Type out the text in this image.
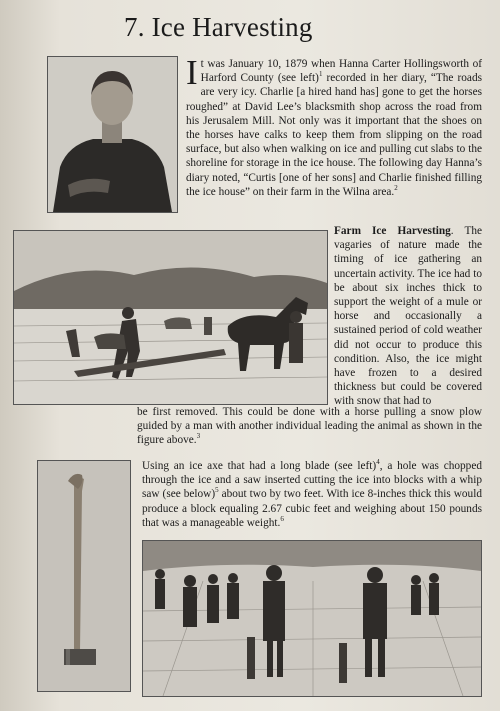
7. Ice Harvesting

It was January 10, 1879 when Hanna Carter Hollingsworth of Harford County (see left)$^1$ recorded in her diary, “The roads are very icy. Charlie [a hired hand has] gone to get the horses roughed” at David Lee’s blacksmith shop across the road from his Jerusalem Mill. Not only was it important that the shoes on the horses have calks to keep them from slipping on the road surface, but also when walking on ice and pulling cut slabs to the shoreline for storage in the ice house. The following day Hanna’s diary noted, “Curtis [one of her sons] and Charlie finished filling the ice house” on their farm in the Wilna area.$^2$

Farm Ice Harvesting. The vagaries of nature made the timing of ice gathering an uncertain activity. The ice had to be about six inches thick to support the weight of a mule or horse and occasionally a sustained period of cold weather did not occur to produce this condition. Also, the ice might have frozen to a desired thickness but could be covered with snow that had to

be first removed. This could be done with a horse pulling a snow plow guided by a man with another individual leading the animal as shown in the figure above.$^3$

Using an ice axe that had a long blade (see left)$^4$, a hole was chopped through the ice and a saw inserted cutting the ice into blocks with a whip saw (see below)$^5$ about two by two feet. With ice 8-inches thick this would produce a block equaling 2.67 cubic feet and weighing about 150 pounds that was a manageable weight.$^6$
